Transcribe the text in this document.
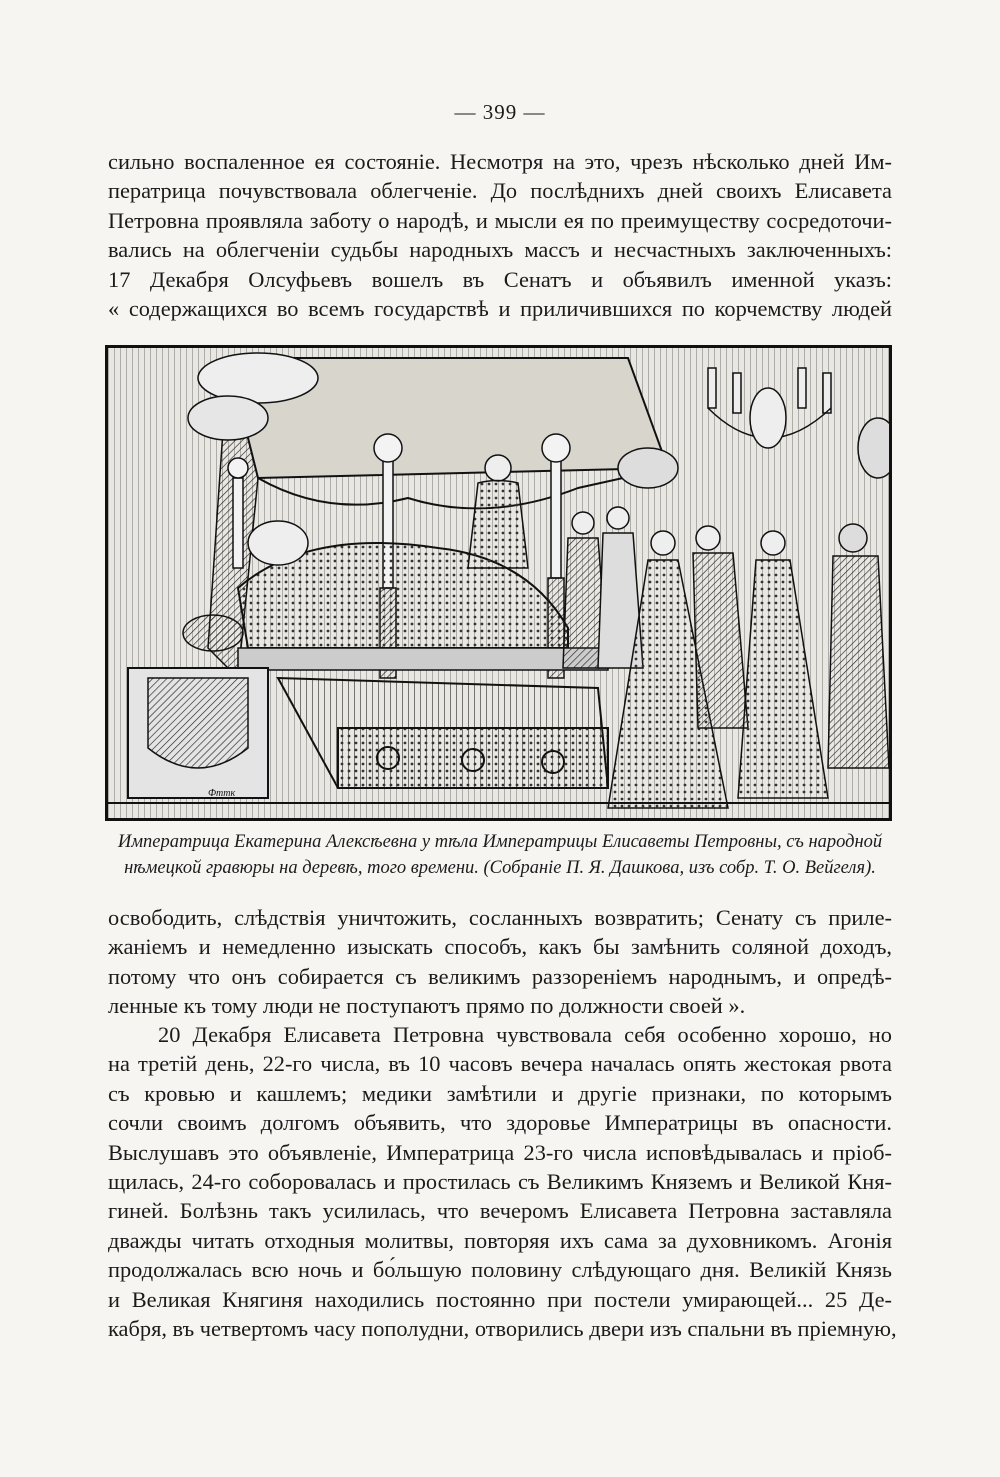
— 399 —
сильно воспаленное ея состояніе. Несмотря на это, чрезъ нѣсколько дней Им-
ператрица почувствовала облегченіе. До послѣднихъ дней своихъ Елисавета
Петровна проявляла заботу о народѣ, и мысли ея по преимуществу сосредоточи-
вались на облегченіи судьбы народныхъ массъ и несчастныхъ заключенныхъ:
17 Декабря Олсуфьевъ вошелъ въ Сенатъ и объявилъ именной указъ:
« содержащихся во всемъ государствѣ и приличившихся по корчемству людей
Фттк
Императрица Екатерина Алексѣевна у тѣла Императрицы Елисаветы Петровны, съ народной
нѣмецкой гравюры на деревѣ, того времени. (Собраніе П. Я. Дашкова, изъ собр. Т. О. Вейгеля).
освободить, слѣдствія уничтожить, сосланныхъ возвратить; Сенату съ приле-
жаніемъ и немедленно изыскать способъ, какъ бы замѣнить соляной доходъ,
потому что онъ собирается съ великимъ раззореніемъ народнымъ, и опредѣ-
ленные къ тому люди не поступаютъ прямо по должности своей ».
20 Декабря Елисавета Петровна чувствовала себя особенно хорошо, но
на третій день, 22-го числа, въ 10 часовъ вечера началась опять жестокая рвота
съ кровью и кашлемъ; медики замѣтили и другіе признаки, по которымъ
сочли своимъ долгомъ объявить, что здоровье Императрицы въ опасности.
Выслушавъ это объявленіе, Императрица 23-го числа исповѣдывалась и пріоб-
щилась, 24-го соборовалась и простилась съ Великимъ Княземъ и Великой Кня-
гиней. Болѣзнь такъ усилилась, что вечеромъ Елисавета Петровна заставляла
дважды читать отходныя молитвы, повторяя ихъ сама за духовникомъ. Агонія
продолжалась всю ночь и бо́льшую половину слѣдующаго дня. Великій Князь
и Великая Княгиня находились постоянно при постели умирающей... 25 Де-
кабря, въ четвертомъ часу пополудни, отворились двери изъ спальни въ пріемную,
